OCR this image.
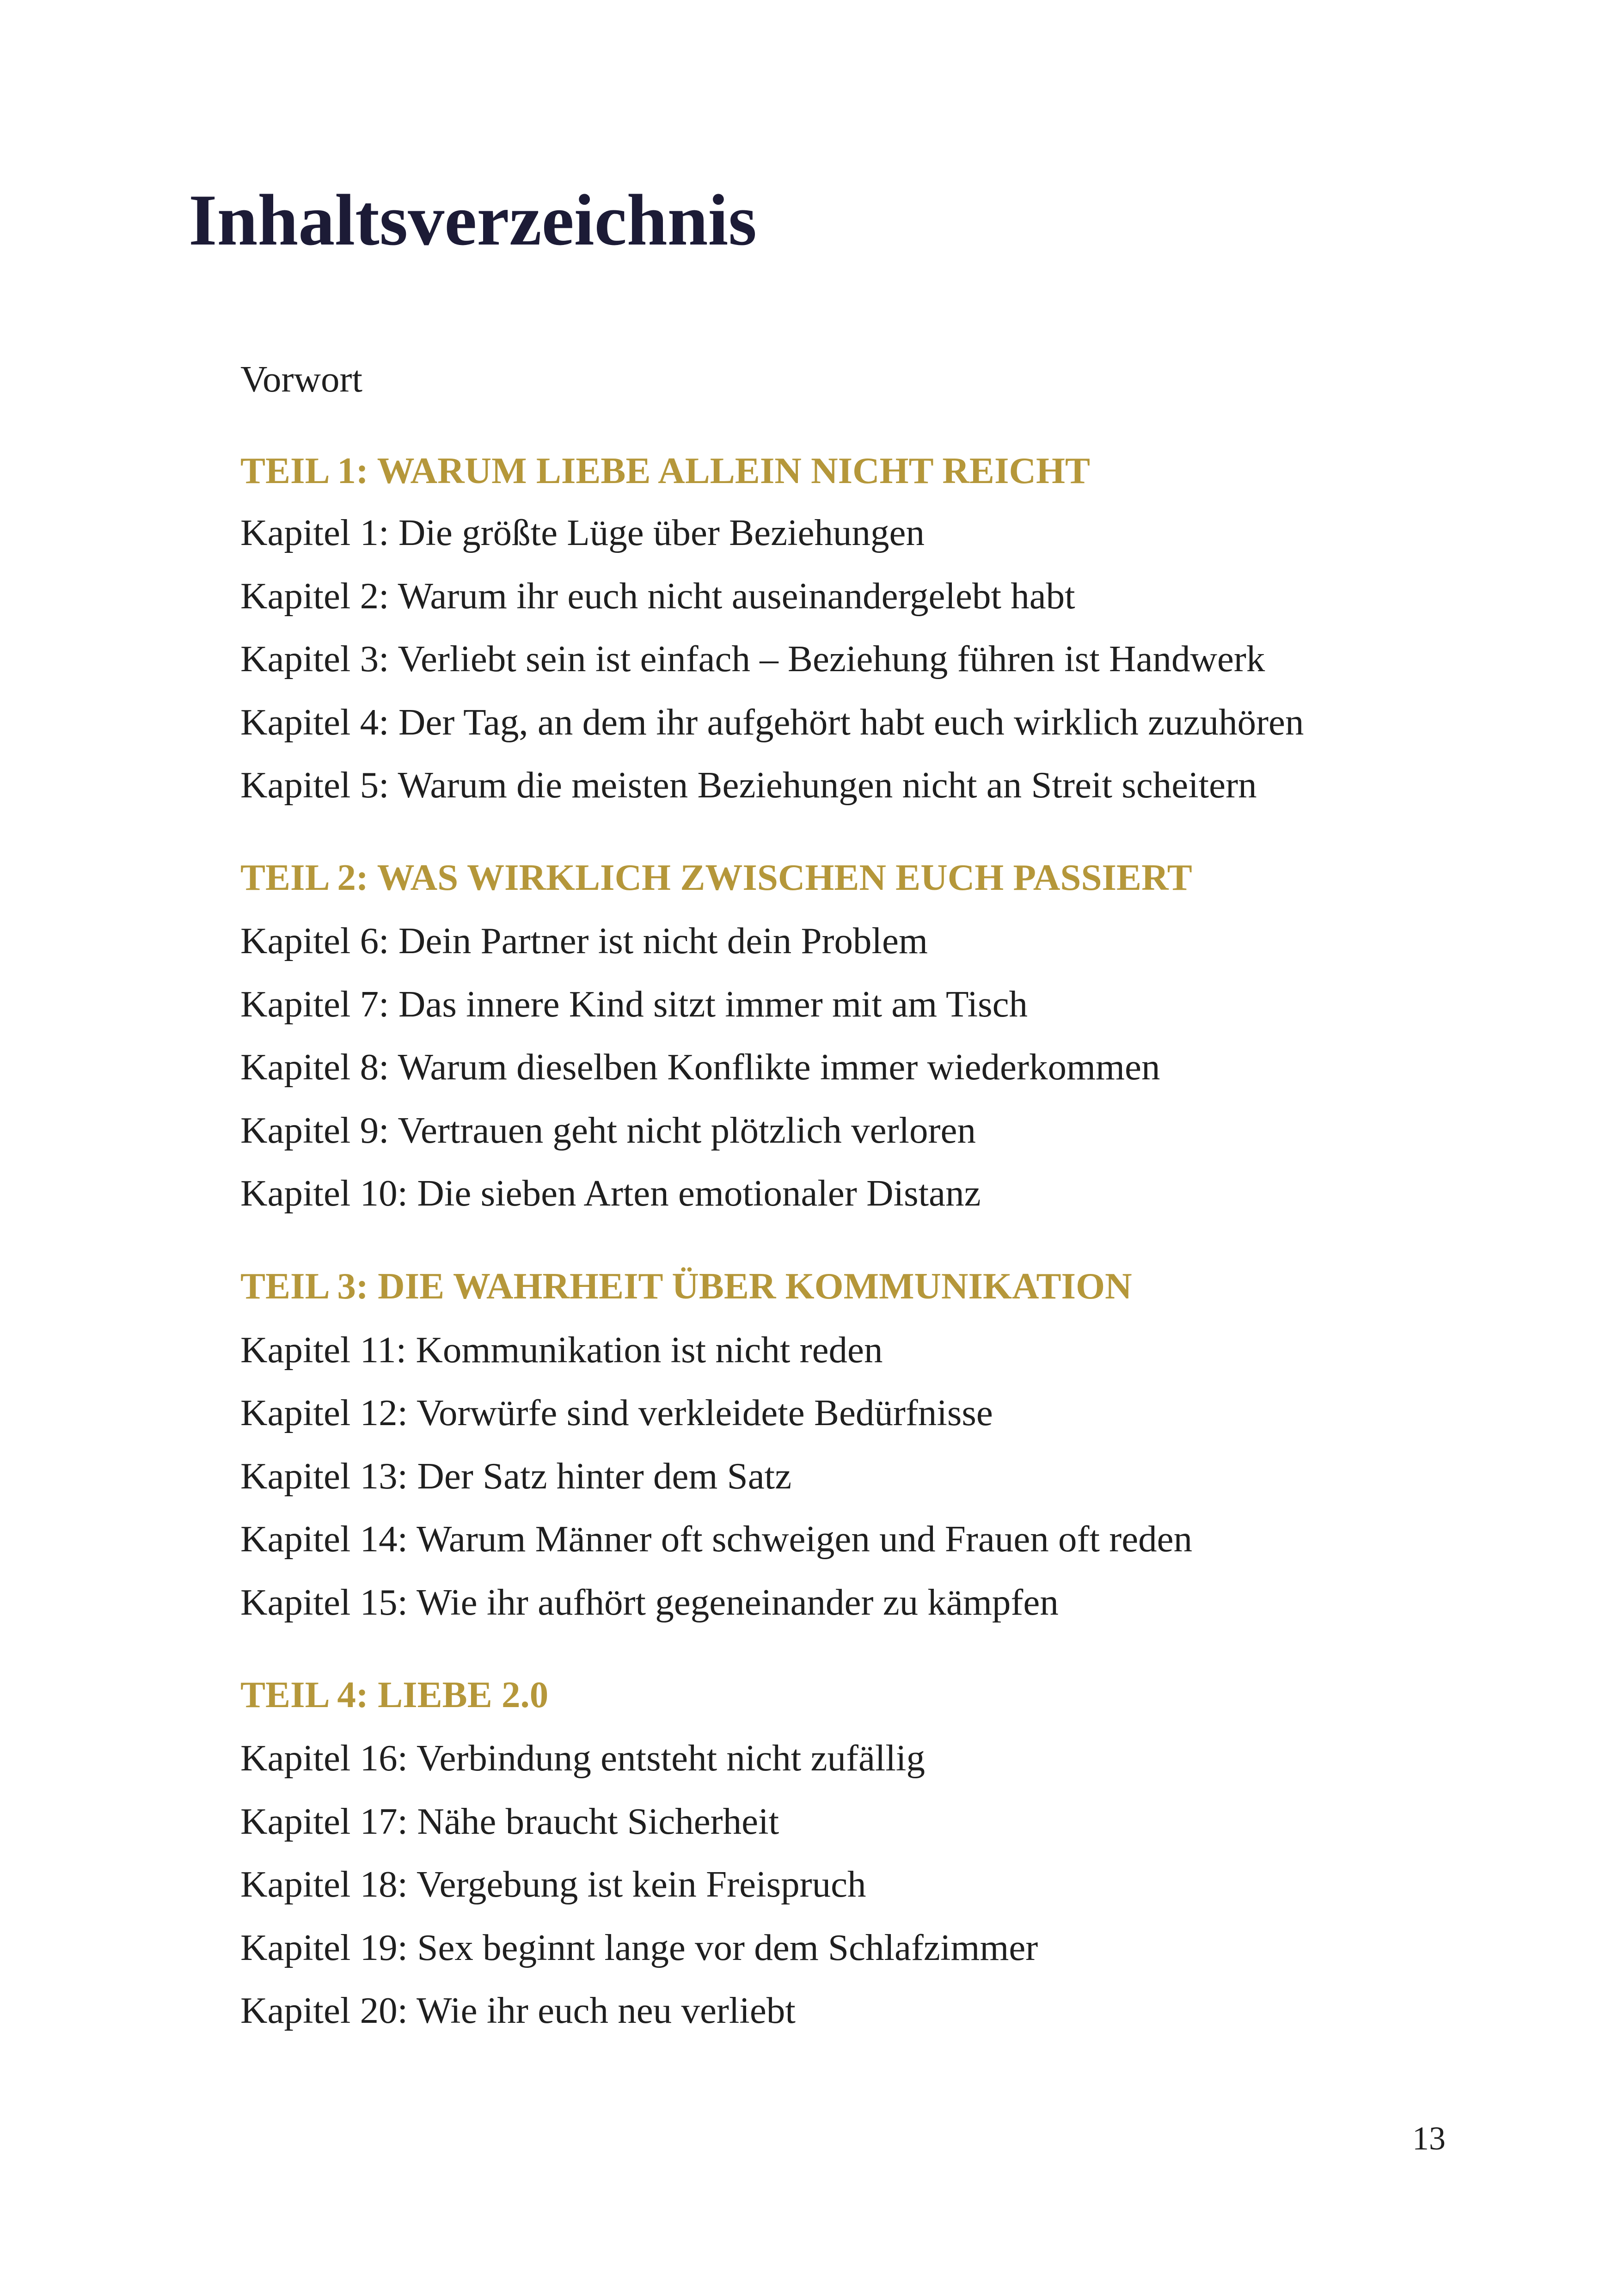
Inhaltsverzeichnis
Vorwort
TEIL 1: WARUM LIEBE ALLEIN NICHT REICHT
Kapitel 1: Die größte Lüge über Beziehungen
Kapitel 2: Warum ihr euch nicht auseinandergelebt habt
Kapitel 3: Verliebt sein ist einfach – Beziehung führen ist Handwerk
Kapitel 4: Der Tag, an dem ihr aufgehört habt euch wirklich zuzuhören
Kapitel 5: Warum die meisten Beziehungen nicht an Streit scheitern
TEIL 2: WAS WIRKLICH ZWISCHEN EUCH PASSIERT
Kapitel 6: Dein Partner ist nicht dein Problem
Kapitel 7: Das innere Kind sitzt immer mit am Tisch
Kapitel 8: Warum dieselben Konflikte immer wiederkommen
Kapitel 9: Vertrauen geht nicht plötzlich verloren
Kapitel 10: Die sieben Arten emotionaler Distanz
TEIL 3: DIE WAHRHEIT ÜBER KOMMUNIKATION
Kapitel 11: Kommunikation ist nicht reden
Kapitel 12: Vorwürfe sind verkleidete Bedürfnisse
Kapitel 13: Der Satz hinter dem Satz
Kapitel 14: Warum Männer oft schweigen und Frauen oft reden
Kapitel 15: Wie ihr aufhört gegeneinander zu kämpfen
TEIL 4: LIEBE 2.0
Kapitel 16: Verbindung entsteht nicht zufällig
Kapitel 17: Nähe braucht Sicherheit
Kapitel 18: Vergebung ist kein Freispruch
Kapitel 19: Sex beginnt lange vor dem Schlafzimmer
Kapitel 20: Wie ihr euch neu verliebt
13
